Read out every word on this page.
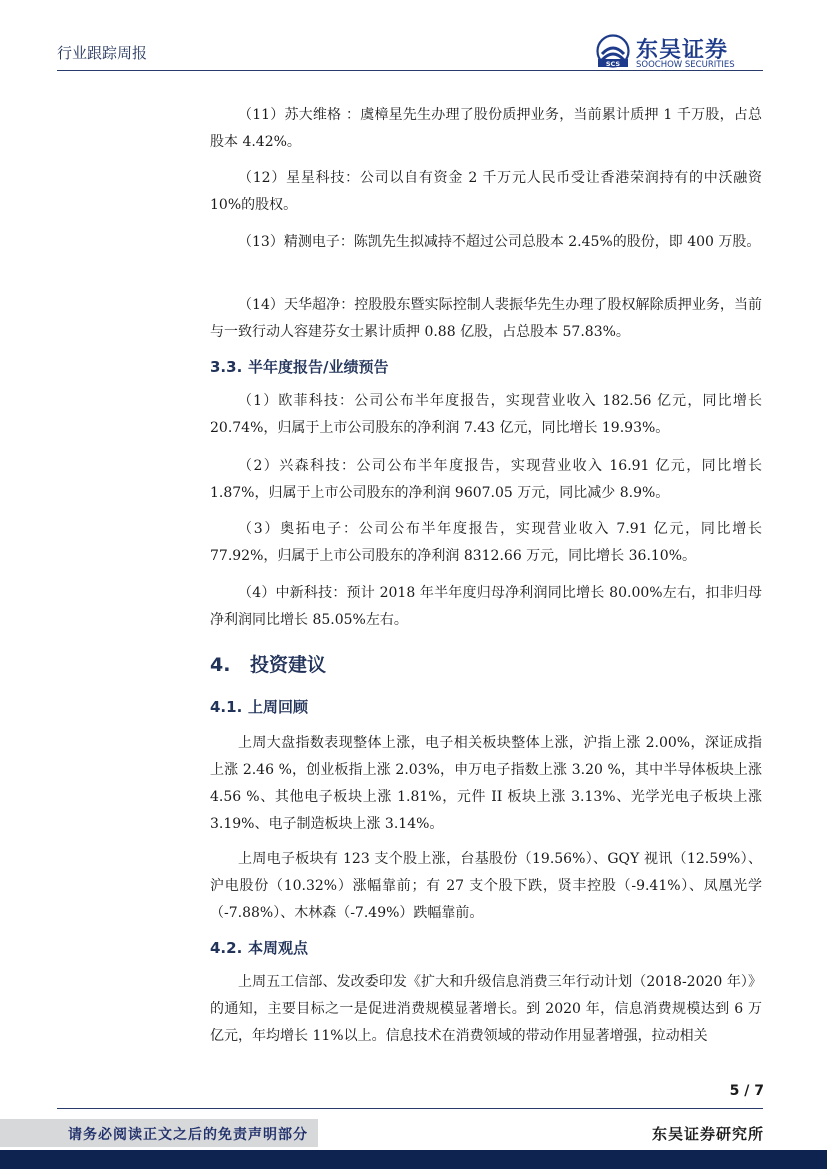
行业跟踪周报
SCS
东吴证券
SOOCHOW SECURITIES
（11）苏大维格 ：虞樟星先生办理了股份质押业务，当前累计质押 1 千万股，占总股本 4.42%。
（12）星星科技：公司以自有资金 2 千万元人民币受让香港荣润持有的中沃融资 10%的股权。
（13）精测电子：陈凯先生拟减持不超过公司总股本 2.45%的股份，即 400 万股。
（14）天华超净：控股股东暨实际控制人裴振华先生办理了股权解除质押业务，当前与一致行动人容建芬女士累计质押 0.88 亿股，占总股本 57.83%。
3.3. 半年度报告/业绩预告
（1）欧菲科技：公司公布半年度报告，实现营业收入 182.56 亿元，同比增长 20.74%，归属于上市公司股东的净利润 7.43 亿元，同比增长 19.93%。
（2）兴森科技：公司公布半年度报告，实现营业收入 16.91 亿元，同比增长 1.87%，归属于上市公司股东的净利润 9607.05 万元，同比减少 8.9%。
（3）奥拓电子：公司公布半年度报告，实现营业收入 7.91 亿元，同比增长 77.92%，归属于上市公司股东的净利润 8312.66 万元，同比增长 36.10%。
（4）中新科技：预计 2018 年半年度归母净利润同比增长 80.00%左右，扣非归母净利润同比增长 85.05%左右。
4. 投资建议
4.1. 上周回顾
上周大盘指数表现整体上涨，电子相关板块整体上涨，沪指上涨 2.00%，深证成指上涨 2.46 %，创业板指上涨 2.03%，申万电子指数上涨 3.20 %，其中半导体板块上涨 4.56 %、其他电子板块上涨 1.81%，元件 II 板块上涨 3.13%、光学光电子板块上涨 3.19%、电子制造板块上涨 3.14%。
上周电子板块有 123 支个股上涨，台基股份（19.56%）、GQY 视讯（12.59%）、沪电股份（10.32%）涨幅靠前；有 27 支个股下跌，贤丰控股（-9.41%）、凤凰光学（-7.88%）、木林森（-7.49%）跌幅靠前。
4.2. 本周观点
上周五工信部、发改委印发《扩大和升级信息消费三年行动计划（2018-2020 年）》的通知，主要目标之一是促进消费规模显著增长。到 2020 年，信息消费规模达到 6 万亿元，年均增长 11%以上。信息技术在消费领域的带动作用显著增强，拉动相关
5 / 7
东吴证券研究所
请务必阅读正文之后的免责声明部分
